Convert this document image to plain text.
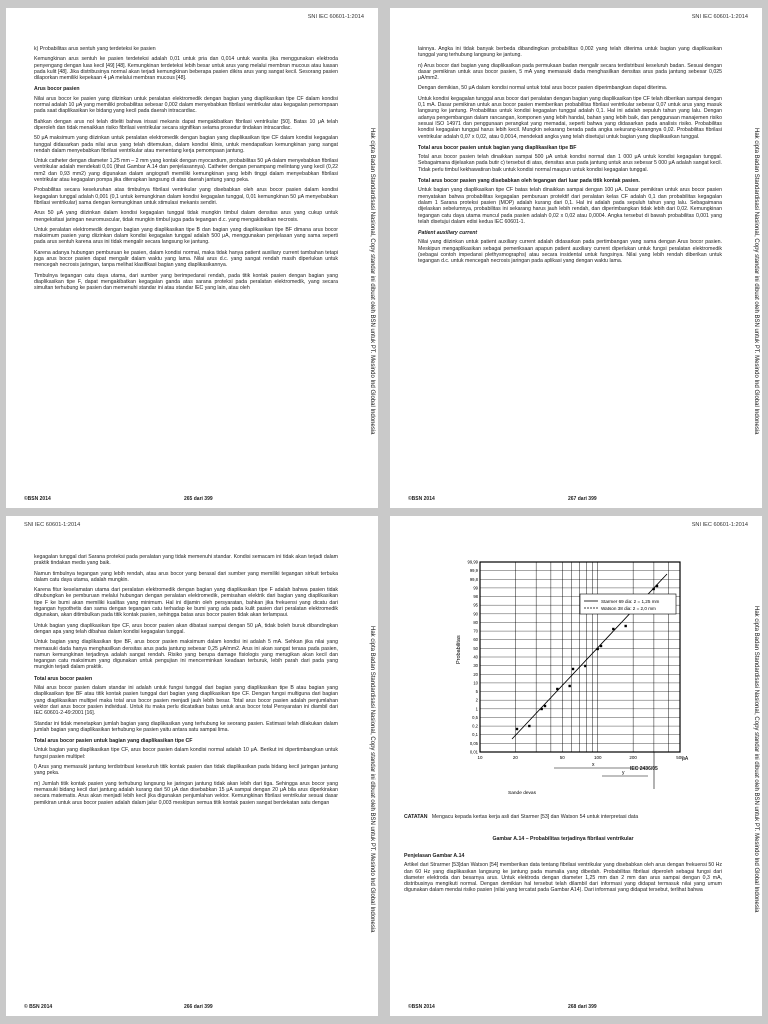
SNI IEC 60601-1:2014
Hak cipta Badan Standardisasi Nasional, Copy standar ini dibuat oleh BSN untuk PT. Mesindo Ind Global Indonesia

k) Probabilitas arus sentuh yang terdeteksi ke pasien

Kemungkinan arus sentuh ke pasien terdeteksi adalah 0,01 untuk pria dan 0,014 untuk wanita jika menggunakan elektroda penyengang dengan luas kecil [49] [48]. Kemungkinan terdeteksi lebih besar untuk arus yang melalui membran mucous atau luasan pada kulit [48]. Jika distribusinya normal akan terjadi kemungkinan beberapa pasien dikira arus yang sangat kecil. Sesorang pasien dilaporkan memiliki kepekaan 4 μA melalui membran mucous [48].

Arus bocor pasien

Nilai arus bocor ke pasien yang diizinkan untuk peralatan elektromedik dengan bagian yang diaplikasikan tipe CF dalam kondisi normal adalah 10 μA yang memiliki probabilitas sebesar 0,002 dalam menyebabkan fibrilasi ventrikular atau kegagalan pemompaan pada saat diaplikasikan ke bidang yang kecil pada daerah intracardiac.

Bahkan dengan arus nol telah diteliti bahwa irisasi mekanis dapat mengakibatkan fibrilasi ventrikular [50]. Batas 10 μA telah diperoleh dan tidak menaikkan risiko fibrilasi ventrikular secara signifikan selama prosedur tindakan intracardiac.

50 μA maksimum yang diizinkan untuk peralatan elektromedik dengan bagian yang diaplikasikan tipe CF dalam kondisi kegagalan tunggal didasarkan pada nilai arus yang telah ditemukan, dalam kondisi klinis, untuk mendapatkan kemungkinan yang sangat rendah dalam menyebabkan fibrilasi ventrikular atau menentang kerja pemompaan jantung.

Untuk catheter dengan diameter 1,25 mm – 2 mm yang kontak dengan myocardium, probabilitas 50 μA dalam menyebabkan fibrilasi ventrikular adalah mendekati 0,01 (lihat Gambar A.14 dan penjelasannya). Catheter dengan penampang melintang yang kecil (0,22 mm2 dan 0,93 mm2) yang digunakan dalam angiografi memiliki kemungkinan yang lebih tinggi dalam menyebabkan fibrilasi ventrikular atau kegagalan pompa jika diterapkan langsung di atas daerah jantung yang peka.

Probabilitas secara keseluruhan atas timbulnya fibrilasi ventrikular yang disebabkan oleh arus bocor pasien dalam kondisi kegagalan tunggal adalah 0,001 (0,1 untuk kemungkinan dalam kondisi kegagalan tunggal, 0,01 kemungkinan 50 μA menyebabkan fibrilasi ventrikular) sama dengan kemungkinan untuk stimulasi mekanis sendiri.

Arus 50 μA yang diizinkan dalam kondisi kegagalan tunggal tidak mungkin timbul dalam densitas arus yang cukup untuk mengeksitasi jaringan neuromuscular, tidak mungkin timbul juga pada tegangan d.c. yang mengakibatkan necrosis.

Untuk peralatan elektromedik dengan bagian yang diaplikasikan tipe B dan bagian yang diaplikasikan tipe BF dimana arus bocor maksimum pasien yang diizinkan dalam kondisi kegagalan tunggal adalah 500 μA, menggunakan penjelasan yang sama seperti pada arus sentuh karena arus ini tidak mengalir secara langsung ke jantung.

Karena adanya hubungan pemburuan ke pasien, dalam kondisi normal, maka tidak hanya patient auxiliary current tambahan tetapi juga arus bocor pasien dapat mengalir dalam waktu yang lama. Nilai arus d.c. yang sangat rendah masih diperlukan untuk mencegah necrosis jaringan, tanpa melihat klasifikasi bagian yang diaplikasikannya.

Timbulnya tegangan catu daya utama, dari sumber yang berimpedansi rendah, pada titik kontak pasien dengan bagian yang diaplikasikan tipe F, dapat mengakibatkan kegagalan ganda atas sarana proteksi pada peralatan elektromedik, yang secara simultan terhubung ke pasien dan memenuhi standar ini atau standar IEC yang lain, atau oleh

©BSN 2014	265 dari 399
SNI IEC 60601-1:2014
Hak cipta Badan Standardisasi Nasional, Copy standar ini dibuat oleh BSN untuk PT. Mesindo Ind Global Indonesia

lainnya. Angka ini tidak banyak berbeda dibandingkan probabilitas 0,002 yang telah diterima untuk bagian yang diaplikasikan tunggal yang terhubung langsung ke jantung.

n) Arus bocor dari bagian yang diaplikasikan pada permukaan badan mengalir secara terdistribusi keseluruh badan. Sesuai dengan dasar pemikiran untuk arus bocor pasien, 5 mA yang memasuki dada menghasilkan densitas arus pada jantung sebesar 0,025 μA/mm2.

Dengan demikian, 50 μA dalam kondisi normal untuk total arus bocor pasien diperimbangkan dapat diterima.

Untuk kondisi kegagalan tunggal arus bocor dari peralatan dengan bagian yang diaplikasikan tipe CF telah diberikan sampai dengan 0,1 mA. Dasar pemikiran untuk arus bocor pasien memberikan probabilitas fibrilasi ventrikular sebesar 0,07 untuk arus yang masuk langsung ke jantung. Probabilitas untuk kondisi kegagalan tunggal adalah 0,1. Hal ini adalah sepuluh tahun yang lalu. Dengan adanya pengembangan dalam rancangan, komponen yang lebih handal, bahan yang lebih baik, dan penggunaan manajemen risiko sesuai ISO 14971 dan penggunaan perangkat yang memadai, seperti bahwa yang didasarkan pada analisis risiko. Probabilitas kondisi kegagalan tunggal harus lebih kecil. Mungkin sekarang berada pada angka sekurang-kurangnya 0,02. Probabilitas fibrilasi ventrikular adalah 0,07 x 0,02, atau 0,0014, mendekati angka yang telah disetujui untuk bagian yang diaplikasikan tunggal.

Total arus bocor pasien untuk bagian yang diaplikasikan tipe BF

Total arus bocor pasien telah dinaikkan sampai 500 μA untuk kondisi normal dan 1 000 μA untuk kondisi kegagalan tunggal. Sebagaimana dijelaskan pada butir c) tersebut di atas, densitas arus pada jantung untuk arus sebesar 5 000 μA adalah sangat kecil. Tidak perlu timbul kekhawatiran baik untuk kondisi normal maupun untuk kondisi kegagalan tunggal.

Total arus bocor pasien yang disebabkan oleh tegangan dari luar pada titik kontak pasien.

Untuk bagian yang diaplikasikan tipe CF batas telah dinaikkan sampai dengan 100 μA. Dasar pemikiran untuk arus bocor pasien menyatakan bahwa probabilitas kegagalan pemburuan protektif dari peralatan kelas CF adalah 0,1 dan probabilitas kegagalan dalam 1 Sarana proteksi pasien (MOP) adalah kurang dari 0,1. Hal ini adalah pada sepuluh tahun yang lalu. Sebagaimana dijelaskan sebelumnya, probabilitas ini sekarang harus jauh lebih rendah, dan diperimbangkan tidak lebih dari 0,02. Kemungkinan tegangan catu daya utama muncul pada pasien adalah 0,02 x 0,02 atau 0,0004. Angka tersebut di bawah probabilitas 0,001 yang telah disetujui dalam edisi kedua IEC 60601-1.

Patient auxiliary current

Nilai yang diizinkan untuk patient auxiliary current adalah didasarkan pada pertimbangan yang sama dengan Arus bocor pasien. Meskipun mengaplikasikan sebagai pemeriksaan apapun patient auxiliary current diperlukan untuk fungsi peralatan elektromedik (sebagai contoh impedansi plethysmographs) atau secara insidental untuk fungsinya. Nilai yang lebih rendah diberikan untuk tegangan d.c. untuk mencegah necrosis jaringan pada aplikasi yang dengan waktu lama.

©BSN 2014	267 dari 399
SNI IEC 60601-1:2014
Hak cipta Badan Standardisasi Nasional, Copy standar ini dibuat oleh BSN untuk PT. Mesindo Ind Global Indonesia

kegagalan tunggal dari Sarana proteksi pada peralatan yang tidak memenuhi standar. Kondisi semacam ini tidak akan terjadi dalam praktik tindakan medis yang baik.

Namun timbulnya tegangan yang lebih rendah, atau arus bocor yang berasal dari sumber yang memiliki tegangan sirkuit terbuka dalam catu daya utama, adalah mungkin.

Karena fitur keselamatan utama dari peralatan elektromedik dengan bagian yang diaplikasikan tipe F adalah bahwa pasien tidak dihubungkan ke pemburuan melalui hubungan dengan peralatan elektromedik, pemisahan elektrik dari bagian yang diaplikasikan tipe F ke bumi akan memiliki kualitas yang minimum. Hal ini dijamin oleh persyaratan, bahkan jika frekuensi yang dicatu dari tegangan hypothetis dan sama dengan tegangan catu terhadap ke bumi yang ada pada kulit pasien dari peralatan elektromedik digunakan, akan ditimbulkan pada titik kontak pasien, sehingga batas arus bocor pasien tidak akan terlampaui.

Untuk bagian yang diaplikasikan tipe CF, arus bocor pasien akan dibatasi sampai dengan 50 μA, tidak boleh buruk dibandingkan dengan apa yang telah dibahas dalam kondisi kegagalan tunggal.

Untuk bagian yang diaplikasikan tipe BF, arus bocor pasien maksimum dalam kondisi ini adalah 5 mA. Sehkan jika nilai yang memasuki dada hanya menghasilkan densitas arus pada jantung sebesar 0,25 μA/mm2. Arus ini akan sangat terasa pada pasien, namun kemungkinan terjadinya adalah sangat rendah. Risiko yang berupa damage fisiologis yang merugikan akan kecil dan tegangan catu maksimum yang digunakan untuk pengujian ini mencerminkan keadaan terburuk, lebih parah dari pada yang mungkin terjadi dalam praktik.

Total arus bocor pasien

Nilai arus bocor pasien dalam standar ini adalah untuk fungsi tunggal dari bagian yang diaplikasikan tipe B atau bagian yang diaplikasikan tipe BF atau titik kontak pasien tunggal dari bagian yang diaplikasikan tipe CF. Dengan fungsi multiguna dari bagian yang diaplikasikan multipel maka total arus bocor pasien menjadi jauh lebih besar. Total arus bocor pasien adalah penjumlahan vektor dari arus bocor pasien individual. Untuk itu maka perlu dicatatkan batas untuk arus bocor total Persyaratan ini diambil dari IEC 60601-2-49:2001 [16].

Standar ini tidak menetapkan jumlah bagian yang diaplikasikan yang terhubung ke seorang pasien. Estimasi telah dilakukan dalam jumlah bagian yang diaplikasikan terhubung ke pasien yaitu antara satu sampai lima.

Total arus bocor pasien untuk bagian yang diaplikasikan tipe CF

Untuk bagian yang diaplikasikan tipe CF, arus bocor pasien dalam kondisi normal adalah 10 μA. Berikut ini dipertimbangkan untuk fungsi pasien multipel:

l) Arus yang memasuki jantung terdistribusi keseluruh titik kontak pasien dan tidak diaplikasikan pada bidang kecil jaringan jantung yang peka.

m) Jumlah titik kontak pasien yang terhubung langsung ke jaringan jantung tidak akan lebih dari tiga. Sehingga arus bocor yang memasuki bidang kecil dari jantung adalah kurang dari 50 μA dan disebabkan 15 μA sampai dengan 20 μA bila arus diperkirakan secara matematis. Arus akan menjadi lebih kecil jika digunakan penjumlahan vektor. Kemungkinan fibrilasi ventrikular sesuai dasar pemikiran untuk arus bocor pasien adalah dalam jalur 0,003 meskipun semua titik kontak pasien sangat berdekatan satu dengan

© BSN 2014	266 dari 399
SNI IEC 60601-1:2014
Hak cipta Badan Standardisasi Nasional, Copy standar ini dibuat oleh BSN untuk PT. Mesindo Ind Global Indonesia
99,99
99,9
99,8
99
98
95
90
80
70
60
50
40
30
20
10
5
2
1
0,5
0,2
0,1
0,05
0,01
10	20	50	100	200	500
Starmer 69 dia: 2 = 1,25 mm
Watson 38 dia: 2 = 2,0 mm
Probabilitas
μA
x
y
Sande devas
IEC 2436/05
CATATAN Mengacu kepada kertas kerja asli dari Starmer [53] dan Watson 54 untuk interpretasi data
Gambar A.14 – Probabilitas terjadinya fibrilasi ventrikular
Penjelasan Gambar A.14

Artikel dari Strarmer [53]dan Watson [54] memberikan data tentang fibrilasi ventrikular yang disebabkan oleh arus dengan frekuensi 50 Hz dan 60 Hz yang diaplikasikan langsung ke jantung pada mamalia yang dibedah. Probabilitas fibrilasi diperoleh sebagai fungsi dari diameter elektroda dan besarnya arus. Untuk elektroda dengan diameter 1,25 mm dan 2 mm dan arus sampai dengan 0,3 mA, distribusinya mengikuti normal. Dengan demikian hal tersebut telah dilambil dari informasi yang didapat termasuk nilai yang umum digunakan dalam mendai risiko pasien (nilai yang tercatat pada Gambar A14). Dari informasi yang didapat tersebut, terlihat bahwa

©BSN 2014	268 dari 399
